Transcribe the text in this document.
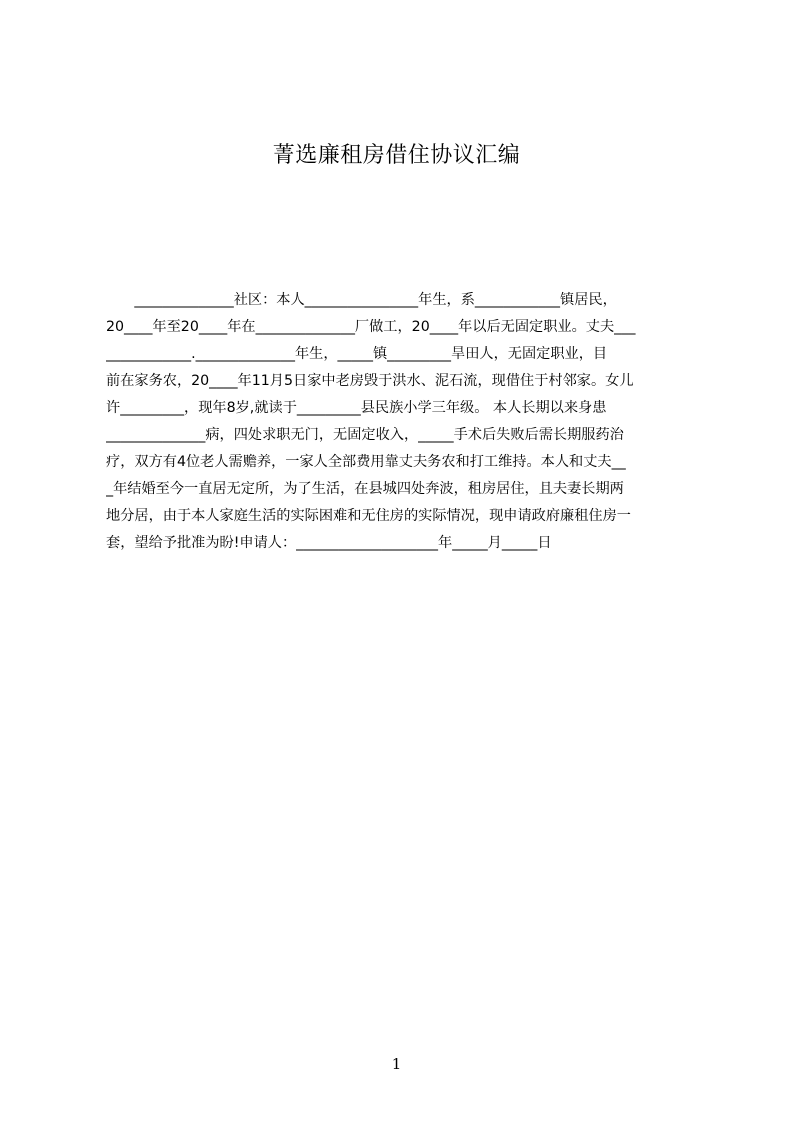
菁选廉租房借住协议汇编
　　______________社区：本人________________年生，系____________镇居民，
20____年至20____年在______________厂做工，20____年以后无固定职业。丈夫___
____________.______________年生，_____镇_________旱田人，无固定职业，目
前在家务农，20____年11月5日家中老房毁于洪水、泥石流，现借住于村邻家。女儿
许_________，现年8岁,就读于_________县民族小学三年级。 本人长期以来身患
______________病，四处求职无门，无固定收入，_____手术后失败后需长期服药治
疗，双方有4位老人需赡养，一家人全部费用靠丈夫务农和打工维持。本人和丈夫__
_年结婚至今一直居无定所，为了生活，在县城四处奔波，租房居住，且夫妻长期两
地分居，由于本人家庭生活的实际困难和无住房的实际情况，现申请政府廉租住房一
套，望给予批准为盼!申请人：____________________年_____月_____日
1
